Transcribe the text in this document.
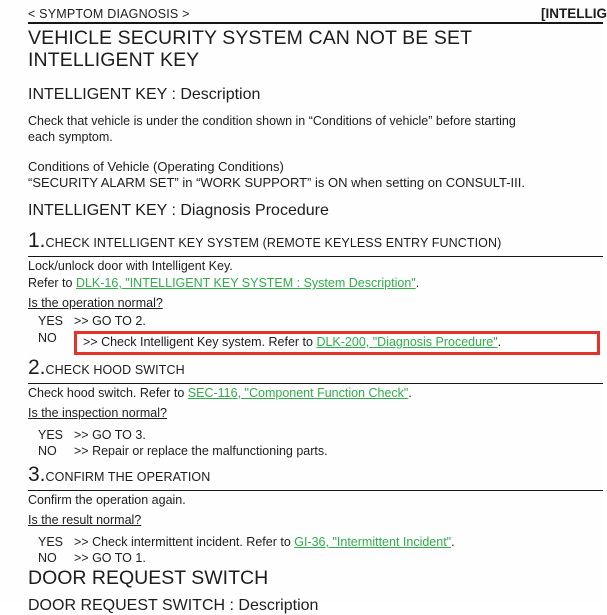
< SYMPTOM DIAGNOSIS >	[INTELLIG
VEHICLE SECURITY SYSTEM CAN NOT BE SET
INTELLIGENT KEY
INTELLIGENT KEY : Description
Check that vehicle is under the condition shown in “Conditions of vehicle” before starting
each symptom.
Conditions of Vehicle (Operating Conditions)
“SECURITY ALARM SET” in “WORK SUPPORT” is ON when setting on CONSULT-III.
INTELLIGENT KEY : Diagnosis Procedure
1. CHECK INTELLIGENT KEY SYSTEM (REMOTE KEYLESS ENTRY FUNCTION)
Lock/unlock door with Intelligent Key.
Refer to DLK-16, "INTELLIGENT KEY SYSTEM : System Description".
Is the operation normal?
YES >> GO TO 2.
NO	>> Check Intelligent Key system. Refer to DLK-200, "Diagnosis Procedure".
2. CHECK HOOD SWITCH
Check hood switch. Refer to SEC-116, "Component Function Check".
Is the inspection normal?
YES >> GO TO 3.
NO	>> Repair or replace the malfunctioning parts.
3. CONFIRM THE OPERATION
Confirm the operation again.
Is the result normal?
YES >> Check intermittent incident. Refer to GI-36, "Intermittent Incident".
NO	>> GO TO 1.
DOOR REQUEST SWITCH
DOOR REQUEST SWITCH : Description
